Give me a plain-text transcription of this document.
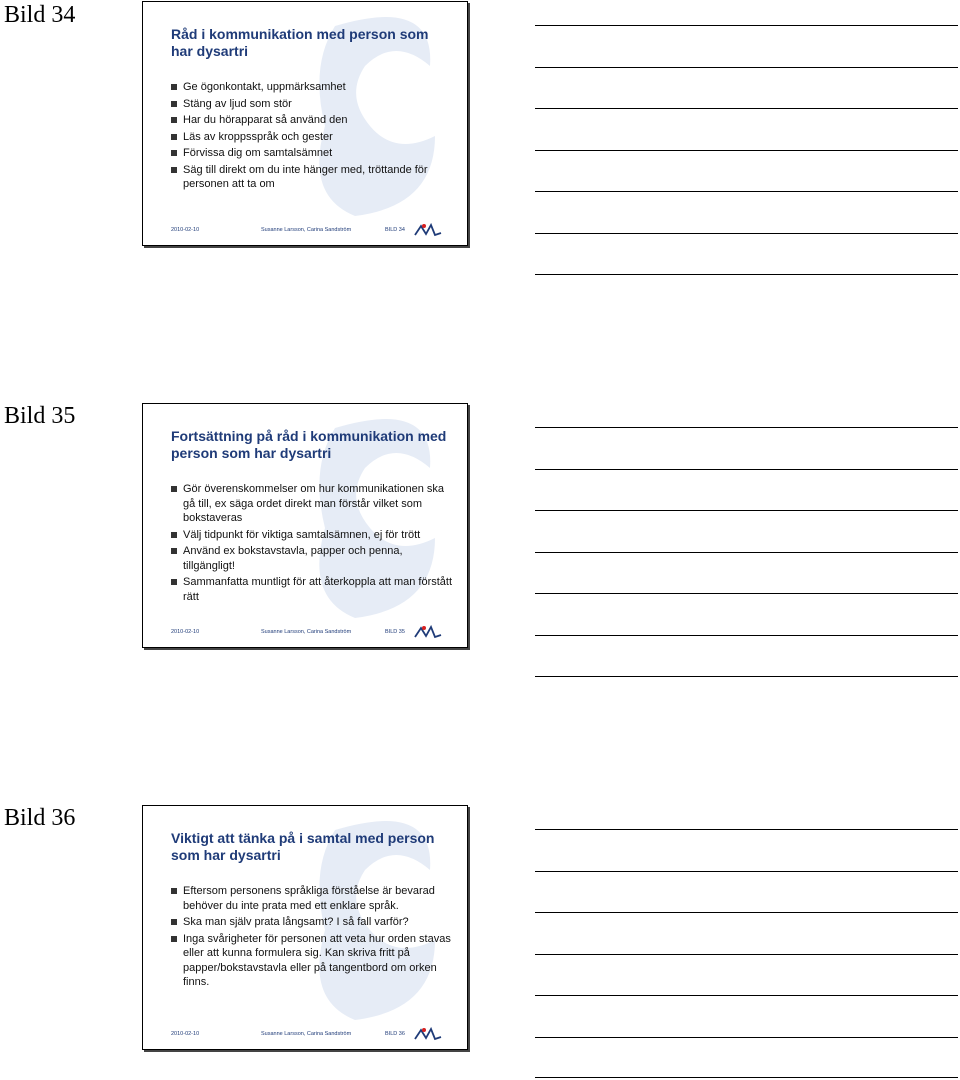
Bild 34
Råd i kommunikation med person som har dysartri
Ge ögonkontakt, uppmärksamhet
Stäng av ljud som stör
Har du hörapparat så använd den
Läs av kroppsspråk och gester
Förvissa dig om samtalsämnet
Säg till direkt om du inte hänger med, tröttande för personen att ta om
2010-02-10	Susanne Larsson, Carina Sandström	BILD 34
Bild 35
Fortsättning på råd i kommunikation med person som har dysartri
Gör överenskommelser om hur kommunikationen ska gå till, ex säga ordet direkt man förstår vilket som bokstaveras
Välj tidpunkt för viktiga samtalsämnen, ej för trött
Använd ex bokstavstavla, papper och penna, tillgängligt!
Sammanfatta muntligt för att återkoppla att man förstått rätt
2010-02-10	Susanne Larsson, Carina Sandström	BILD 35
Bild 36
Viktigt att tänka på i samtal med person som har dysartri
Eftersom personens språkliga förståelse är bevarad behöver du inte prata med ett enklare språk.
Ska man själv prata långsamt? I så fall varför?
Inga svårigheter för personen att veta hur orden stavas eller att kunna formulera sig. Kan skriva fritt på papper/bokstavstavla eller på tangentbord om orken finns.
2010-02-10	Susanne Larsson, Carina Sandström	BILD 36
